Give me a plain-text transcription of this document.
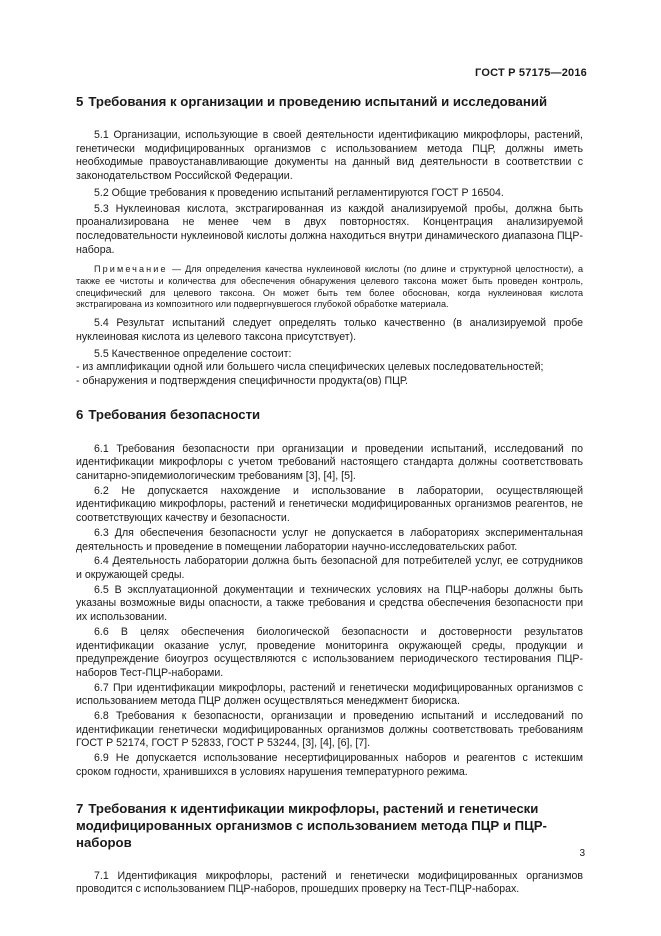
ГОСТ Р 57175—2016
5 Требования к организации и проведению испытаний и исследований

5.1 Организации, использующие в своей деятельности идентификацию микрофлоры, растений, генетически модифицированных организмов с использованием метода ПЦР, должны иметь необходимые правоустанавливающие документы на данный вид деятельности в соответствии с законодательством Российской Федерации.

5.2 Общие требования к проведению испытаний регламентируются ГОСТ Р 16504.

5.3 Нуклеиновая кислота, экстрагированная из каждой анализируемой пробы, должна быть проанализирована не менее чем в двух повторностях. Концентрация анализируемой последовательности нуклеиновой кислоты должна находиться внутри динамического диапазона ПЦР-набора.

Примечание — Для определения качества нуклеиновой кислоты (по длине и структурной целостности), а также ее чистоты и количества для обеспечения обнаружения целевого таксона может быть проведен контроль, специфический для целевого таксона. Он может быть тем более обоснован, когда нуклеиновая кислота экстрагирована из композитного или подвергнувшегося глубокой обработке материала.

5.4 Результат испытаний следует определять только качественно (в анализируемой пробе нуклеиновая кислота из целевого таксона присутствует).

5.5 Качественное определение состоит:

- из амплификации одной или большего числа специфических целевых последовательностей;
- обнаружения и подтверждения специфичности продукта(ов) ПЦР.
6 Требования безопасности

6.1 Требования безопасности при организации и проведении испытаний, исследований по идентификации микрофлоры с учетом требований настоящего стандарта должны соответствовать санитарно-эпидемиологическим требованиям [3], [4], [5].

6.2 Не допускается нахождение и использование в лаборатории, осуществляющей идентификацию микрофлоры, растений и генетически модифицированных организмов реагентов, не соответствующих качеству и безопасности.

6.3 Для обеспечения безопасности услуг не допускается в лабораториях экспериментальная деятельность и проведение в помещении лаборатории научно-исследовательских работ.

6.4 Деятельность лаборатории должна быть безопасной для потребителей услуг, ее сотрудников и окружающей среды.

6.5 В эксплуатационной документации и технических условиях на ПЦР-наборы должны быть указаны возможные виды опасности, а также требования и средства обеспечения безопасности при их использовании.

6.6 В целях обеспечения биологической безопасности и достоверности результатов идентификации оказание услуг, проведение мониторинга окружающей среды, продукции и предупреждение биоугроз осуществляются с использованием периодического тестирования ПЦР-наборов Тест-ПЦР-наборами.

6.7 При идентификации микрофлоры, растений и генетически модифицированных организмов с использованием метода ПЦР должен осуществляться менеджмент биориска.

6.8 Требования к безопасности, организации и проведению испытаний и исследований по идентификации генетически модифицированных организмов должны соответствовать требованиям ГОСТ Р 52174, ГОСТ Р 52833, ГОСТ Р 53244, [3], [4], [6], [7].

6.9 Не допускается использование несертифицированных наборов и реагентов с истекшим сроком годности, хранившихся в условиях нарушения температурного режима.

7 Требования к идентификации микрофлоры, растений и генетически модифицированных организмов с использованием метода ПЦР и ПЦР-наборов

7.1 Идентификация микрофлоры, растений и генетически модифицированных организмов проводится с использованием ПЦР-наборов, прошедших проверку на Тест-ПЦР-наборах.

3
